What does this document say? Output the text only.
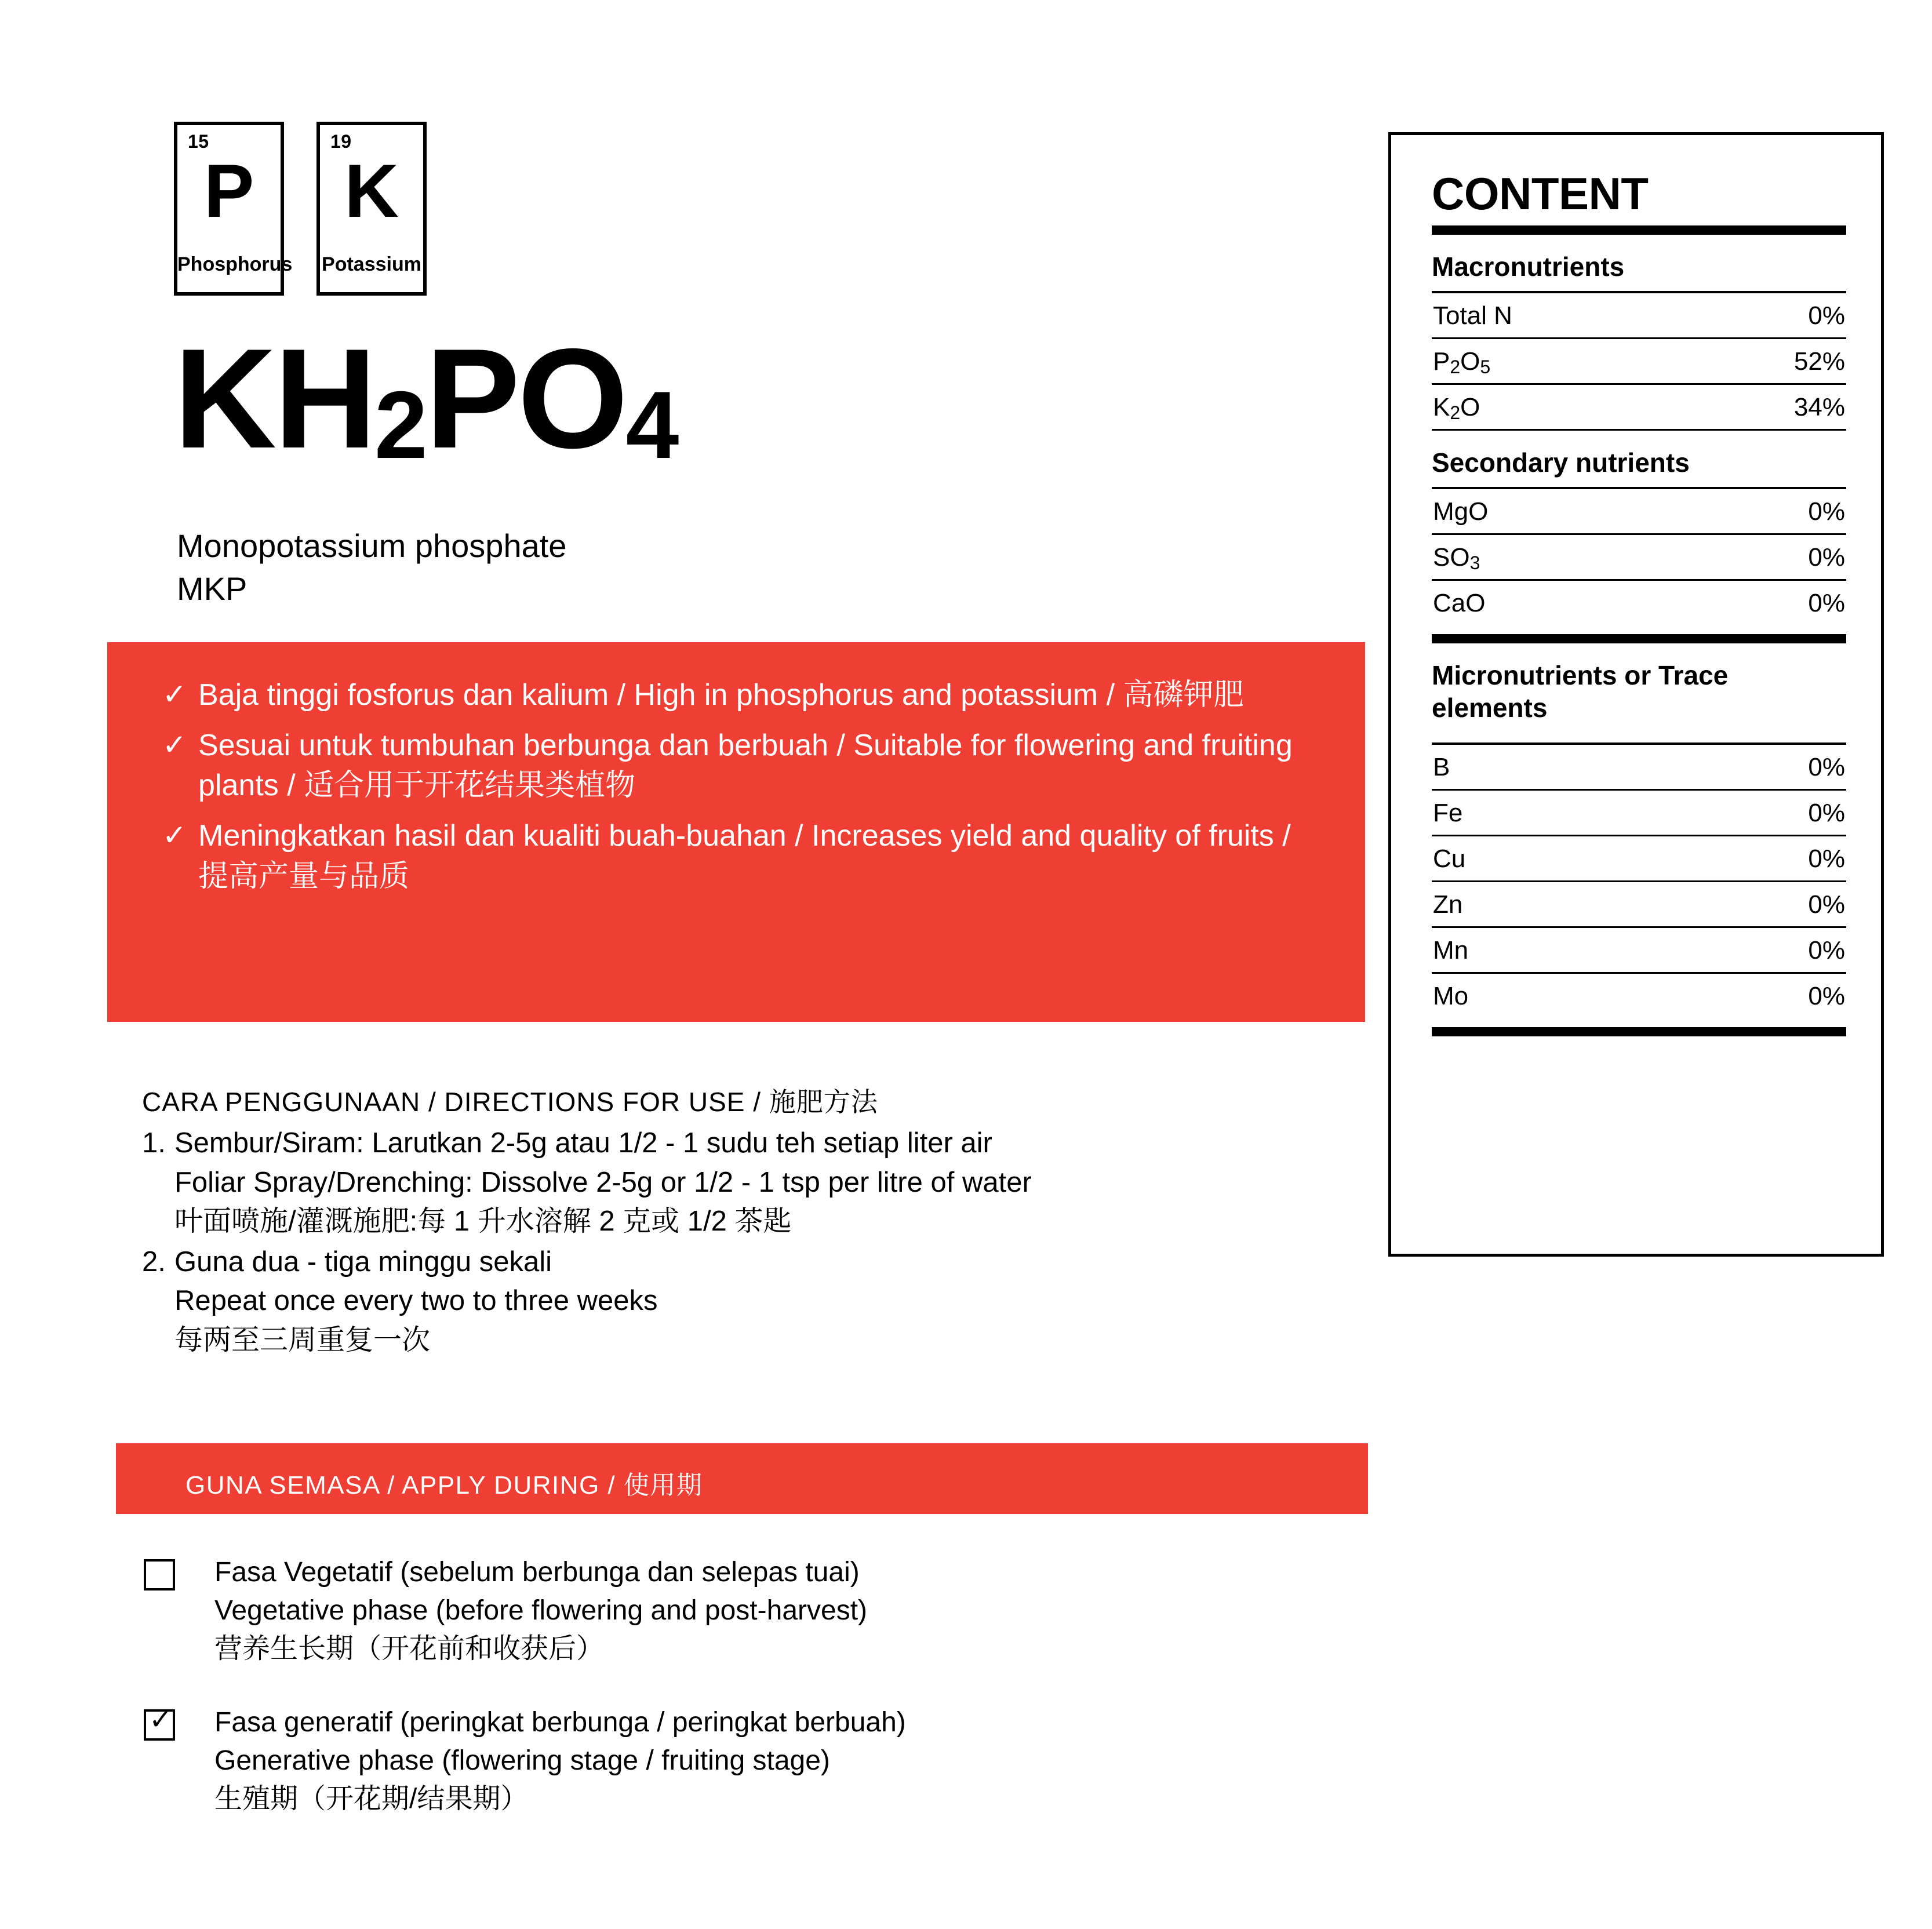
15
P
Phosphorus
19
K
Potassium
KH2PO4
Monopotassium phosphate
MKP
✓ Baja tinggi fosforus dan kalium / High in phosphorus and potassium / 高磷钾肥
✓ Sesuai untuk tumbuhan berbunga dan berbuah / Suitable for flowering and fruiting plants / 适合用于开花结果类植物
✓ Meningkatkan hasil dan kualiti buah-buahan / Increases yield and quality of fruits / 提高产量与品质
CARA PENGGUNAAN / DIRECTIONS FOR USE / 施肥方法
1. Sembur/Siram: Larutkan 2-5g atau 1/2 - 1 sudu teh setiap liter air
Foliar Spray/Drenching: Dissolve 2-5g or 1/2 - 1 tsp per litre of water
叶面喷施/灌溉施肥:每 1 升水溶解 2 克或 1/2 茶匙
2. Guna dua - tiga minggu sekali
Repeat once every two to three weeks
每两至三周重复一次
GUNA SEMASA / APPLY DURING / 使用期
Fasa Vegetatif (sebelum berbunga dan selepas tuai)
Vegetative phase (before flowering and post-harvest)
营养生长期（开花前和收获后）
✓
Fasa generatif (peringkat berbunga / peringkat berbuah)
Generative phase (flowering stage / fruiting stage)
生殖期（开花期/结果期）
CONTENT
Macronutrients
Total N	0%
P2O5	52%
K2O	34%
Secondary nutrients
MgO	0%
SO3	0%
CaO	0%
Micronutrients or Trace elements
B	0%
Fe	0%
Cu	0%
Zn	0%
Mn	0%
Mo	0%
